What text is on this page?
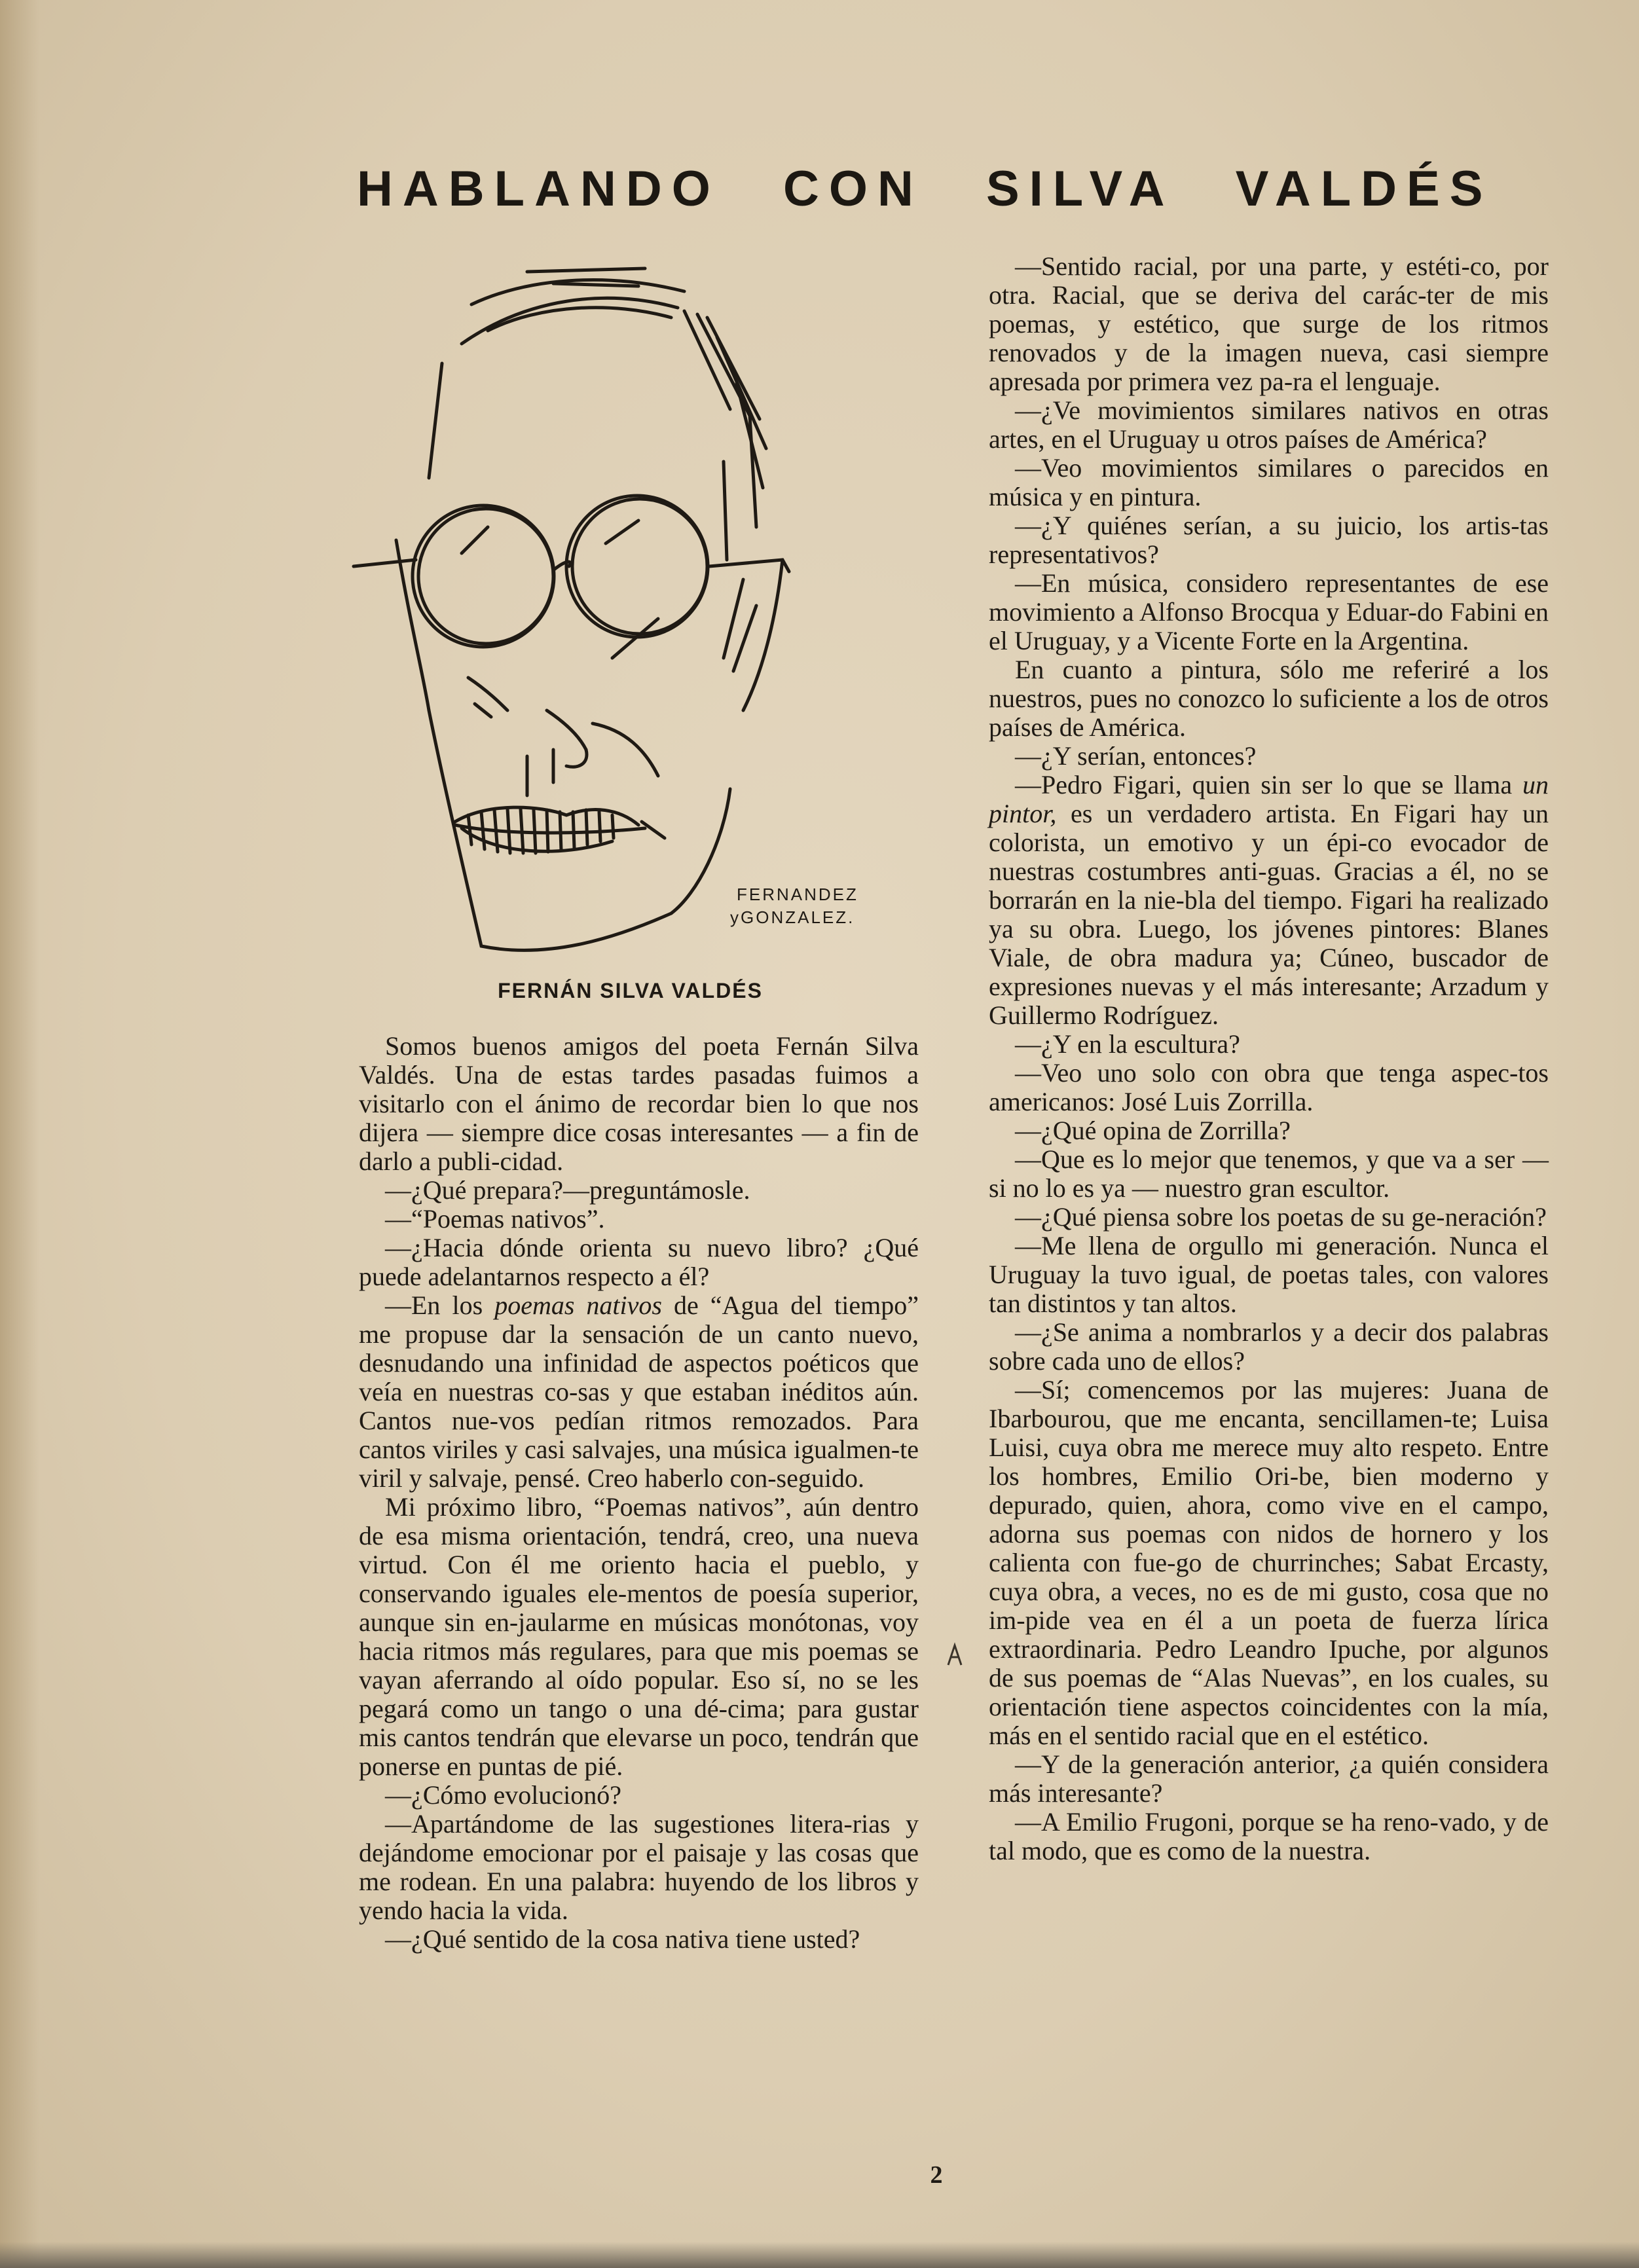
HABLANDO CON SILVA VALDÉS
FERNANDEZ
yGONZALEZ.

FERNÁN SILVA VALDÉS

Somos buenos amigos del poeta Fernán Silva Valdés. Una de estas tardes pasadas fuimos a visitarlo con el ánimo de recordar bien lo que nos dijera — siempre dice cosas interesantes — a fin de darlo a publi-cidad.

—¿Qué prepara?—preguntámosle.

—“Poemas nativos”.

—¿Hacia dónde orienta su nuevo libro? ¿Qué puede adelantarnos respecto a él?

—En los poemas nativos de “Agua del tiempo” me propuse dar la sensación de un canto nuevo, desnudando una infinidad de aspectos poéticos que veía en nuestras co-sas y que estaban inéditos aún. Cantos nue-vos pedían ritmos remozados. Para cantos viriles y casi salvajes, una música igualmen-te viril y salvaje, pensé. Creo haberlo con-seguido.

Mi próximo libro, “Poemas nativos”, aún dentro de esa misma orientación, tendrá, creo, una nueva virtud. Con él me oriento hacia el pueblo, y conservando iguales ele-mentos de poesía superior, aunque sin en-jaularme en músicas monótonas, voy hacia ritmos más regulares, para que mis poemas se vayan aferrando al oído popular. Eso sí, no se les pegará como un tango o una dé-cima; para gustar mis cantos tendrán que elevarse un poco, tendrán que ponerse en puntas de pié.

—¿Cómo evolucionó?

—Apartándome de las sugestiones litera-rias y dejándome emocionar por el paisaje y las cosas que me rodean. En una palabra: huyendo de los libros y yendo hacia la vida.

—¿Qué sentido de la cosa nativa tiene usted?

—Sentido racial, por una parte, y estéti-co, por otra. Racial, que se deriva del carác-ter de mis poemas, y estético, que surge de los ritmos renovados y de la imagen nueva, casi siempre apresada por primera vez pa-ra el lenguaje.

—¿Ve movimientos similares nativos en otras artes, en el Uruguay u otros países de América?

—Veo movimientos similares o parecidos en música y en pintura.

—¿Y quiénes serían, a su juicio, los artis-tas representativos?

—En música, considero representantes de ese movimiento a Alfonso Brocqua y Eduar-do Fabini en el Uruguay, y a Vicente Forte en la Argentina.

En cuanto a pintura, sólo me referiré a los nuestros, pues no conozco lo suficiente a los de otros países de América.

—¿Y serían, entonces?

—Pedro Figari, quien sin ser lo que se llama un pintor, es un verdadero artista. En Figari hay un colorista, un emotivo y un épi-co evocador de nuestras costumbres anti-guas. Gracias a él, no se borrarán en la nie-bla del tiempo. Figari ha realizado ya su obra. Luego, los jóvenes pintores: Blanes Viale, de obra madura ya; Cúneo, buscador de expresiones nuevas y el más interesante; Arzadum y Guillermo Rodríguez.

—¿Y en la escultura?

—Veo uno solo con obra que tenga aspec-tos americanos: José Luis Zorrilla.

—¿Qué opina de Zorrilla?

—Que es lo mejor que tenemos, y que va a ser — si no lo es ya — nuestro gran escultor.

—¿Qué piensa sobre los poetas de su ge-neración?

—Me llena de orgullo mi generación. Nunca el Uruguay la tuvo igual, de poetas tales, con valores tan distintos y tan altos.

—¿Se anima a nombrarlos y a decir dos palabras sobre cada uno de ellos?

—Sí; comencemos por las mujeres: Juana de Ibarbourou, que me encanta, sencillamen-te; Luisa Luisi, cuya obra me merece muy alto respeto. Entre los hombres, Emilio Ori-be, bien moderno y depurado, quien, ahora, como vive en el campo, adorna sus poemas con nidos de hornero y los calienta con fue-go de churrinches; Sabat Ercasty, cuya obra, a veces, no es de mi gusto, cosa que no im-pide vea en él a un poeta de fuerza lírica extraordinaria. Pedro Leandro Ipuche, por algunos de sus poemas de “Alas Nuevas”, en los cuales, su orientación tiene aspectos coincidentes con la mía, más en el sentido racial que en el estético.

—Y de la generación anterior, ¿a quién considera más interesante?

—A Emilio Frugoni, porque se ha reno-vado, y de tal modo, que es como de la nuestra.

2
